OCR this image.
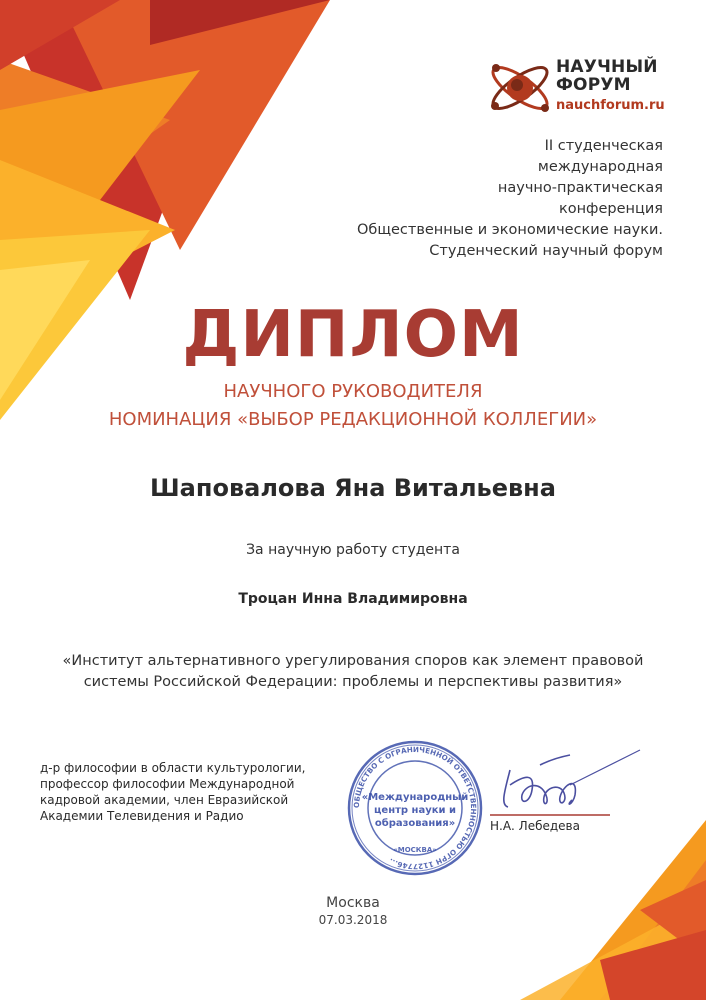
НАУЧНЫЙ
ФОРУМ
nauchforum.ru
II студенческая
международная
научно-практическая
конференция
Общественные и экономические науки.
Студенческий научный форум
ДИПЛОМ
НАУЧНОГО РУКОВОДИТЕЛЯ
НОМИНАЦИЯ «ВЫБОР РЕДАКЦИОННОЙ КОЛЛЕГИИ»
Шаповалова Яна Витальевна
За научную работу студента
Троцан Инна Владимировна
«Институт альтернативного урегулирования споров как элемент правовой системы Российской Федерации: проблемы и перспективы развития»
д-р философии в области культурологии,
профессор философии Международной
кадровой академии, член Евразийской
Академии Телевидения и Радио
ОБЩЕСТВО С ОГРАНИЧЕННОЙ ОТВЕТСТВЕННОСТЬЮ ОГРН 1127746...
«Международный
центр науки и
образования»
«МОСКВА»
Н.А. Лебедева
Москва
07.03.2018
